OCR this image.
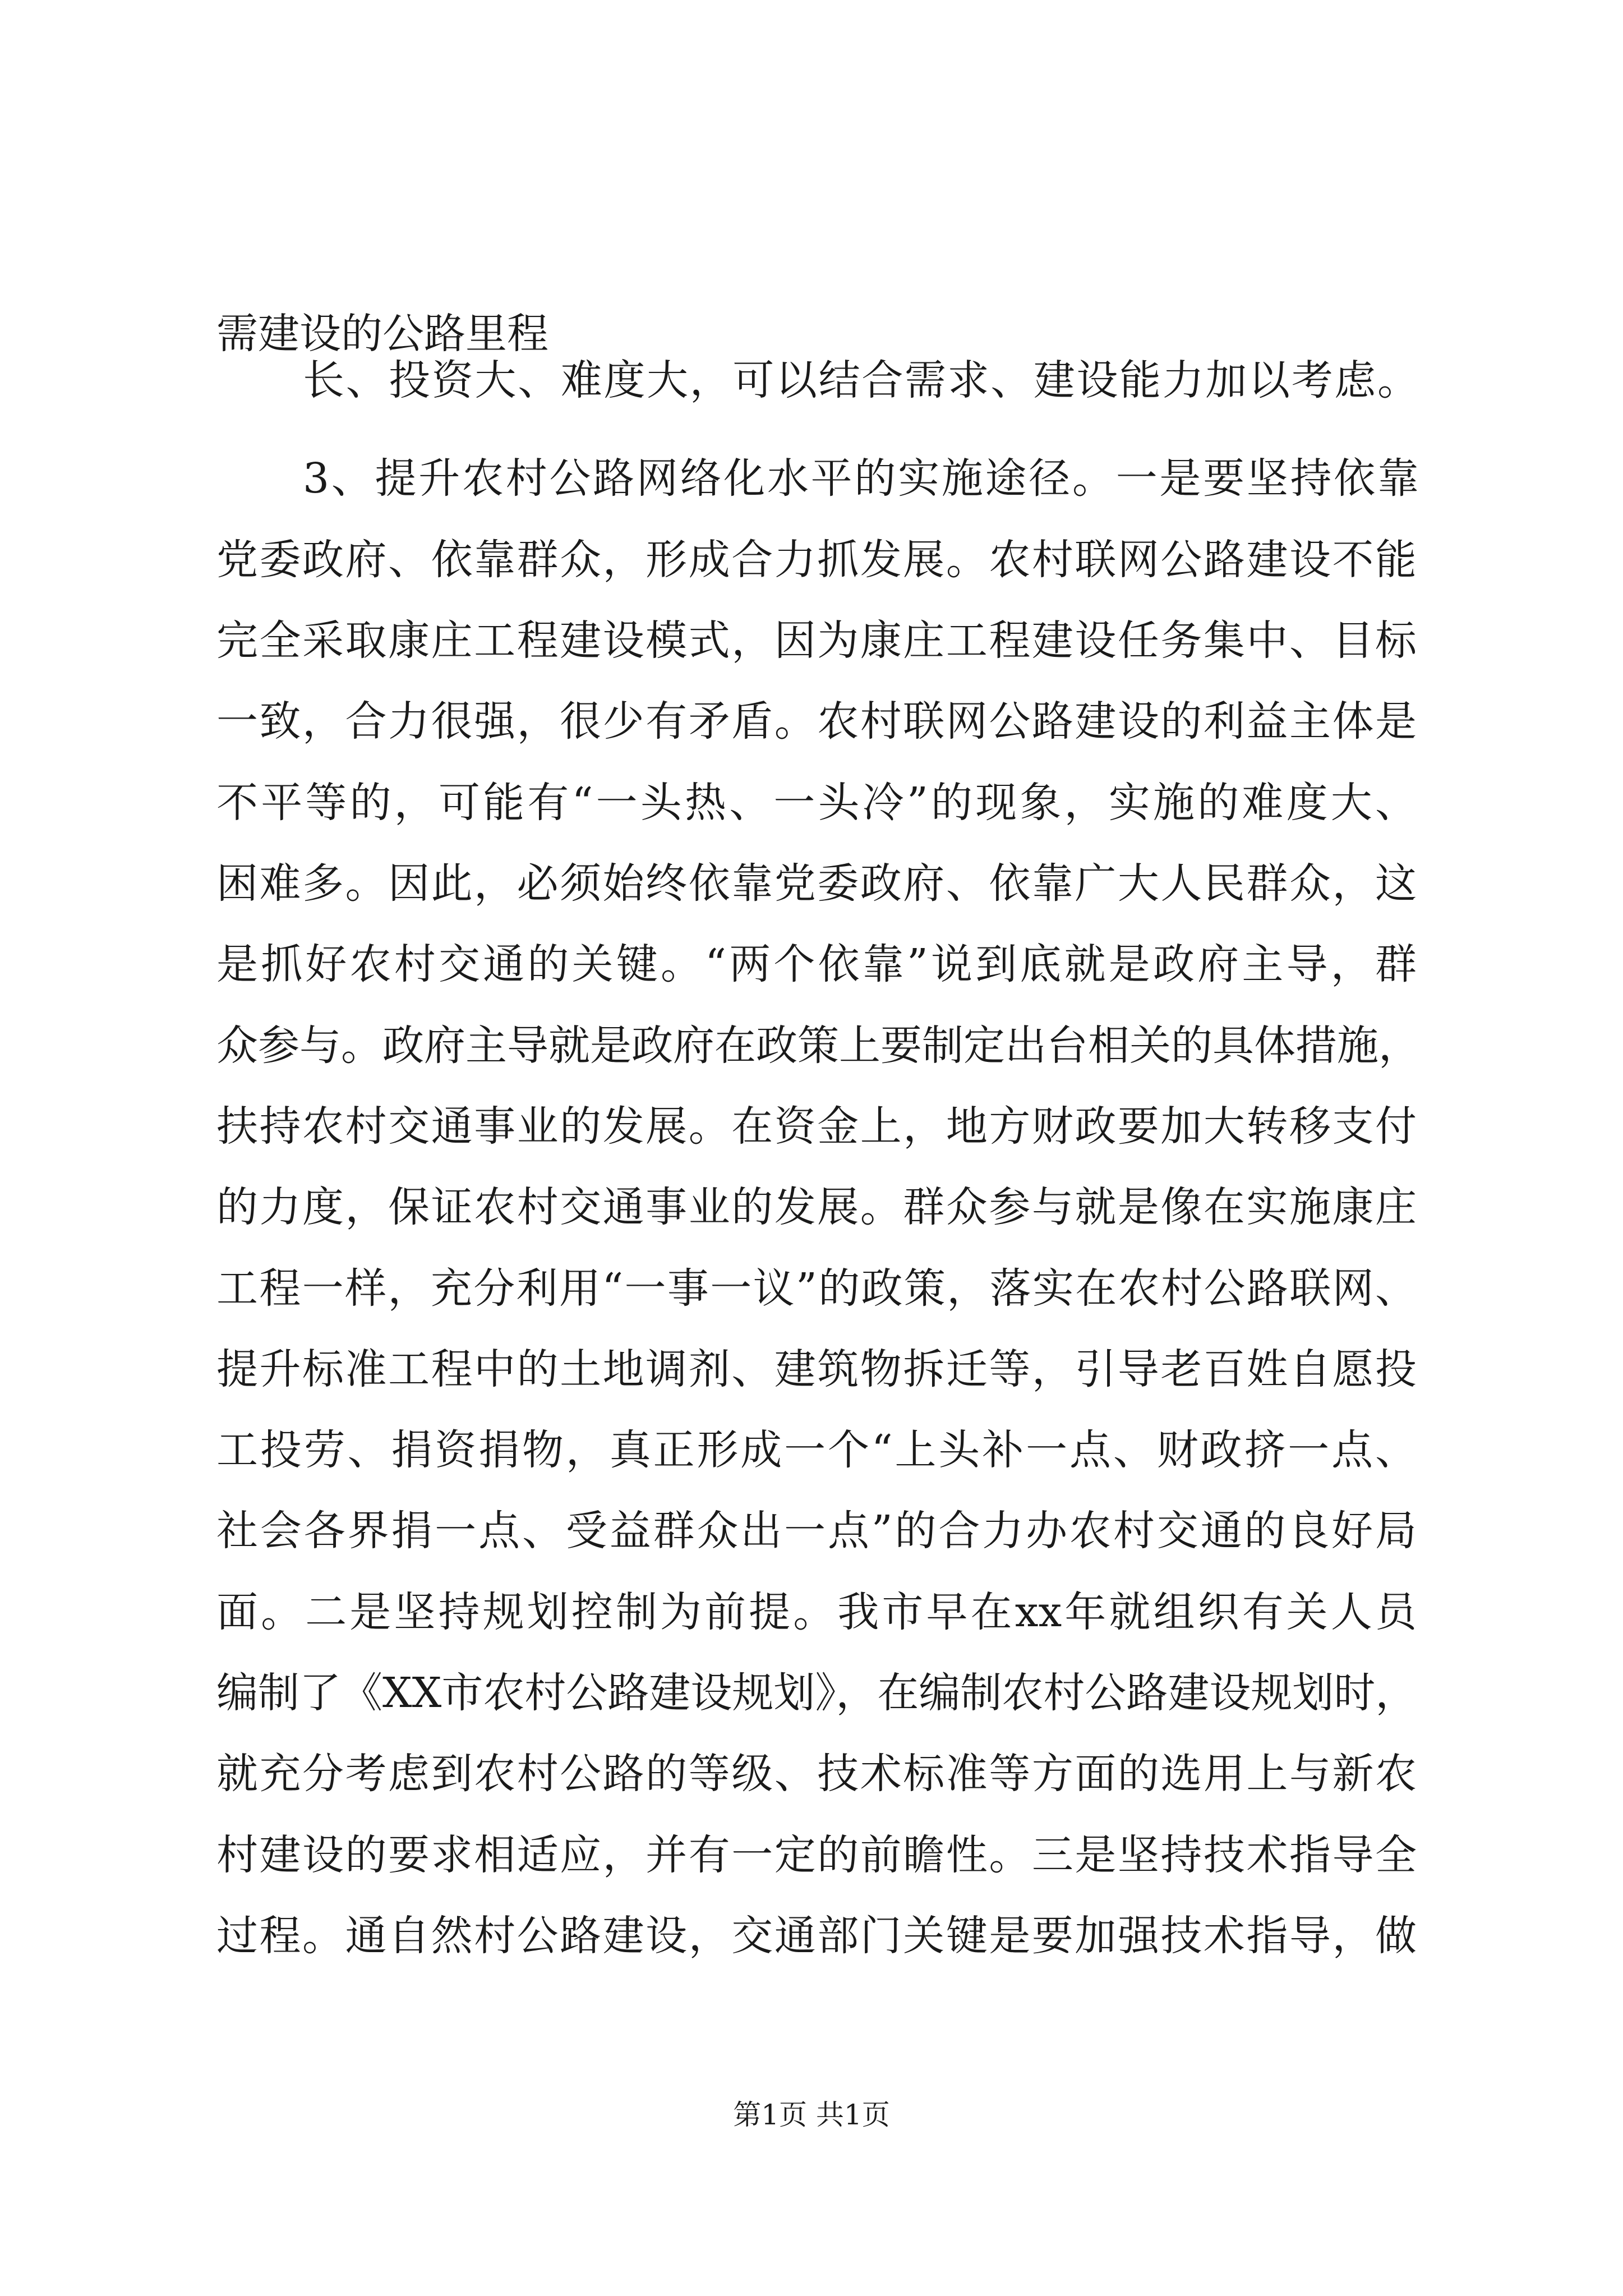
需建设的公路里程

长、投资大、难度大，可以结合需求、建设能力加以考虑。

3、提升农村公路网络化水平的实施途径。一是要坚持依靠

党委政府、依靠群众，形成合力抓发展。农村联网公路建设不能

完全采取康庄工程建设模式，因为康庄工程建设任务集中、目标

一致，合力很强，很少有矛盾。农村联网公路建设的利益主体是

不平等的，可能有“一头热、一头冷”的现象，实施的难度大、

困难多。因此，必须始终依靠党委政府、依靠广大人民群众，这

是抓好农村交通的关键。“两个依靠”说到底就是政府主导，群

众参与。政府主导就是政府在政策上要制定出台相关的具体措施，

扶持农村交通事业的发展。在资金上，地方财政要加大转移支付

的力度，保证农村交通事业的发展。群众参与就是像在实施康庄

工程一样，充分利用“一事一议”的政策，落实在农村公路联网、

提升标准工程中的土地调剂、建筑物拆迁等，引导老百姓自愿投

工投劳、捐资捐物，真正形成一个“上头补一点、财政挤一点、

社会各界捐一点、受益群众出一点”的合力办农村交通的良好局

面。二是坚持规划控制为前提。我市早在xx年就组织有关人员

编制了《XX市农村公路建设规划》，在编制农村公路建设规划时，

就充分考虑到农村公路的等级、技术标准等方面的选用上与新农

村建设的要求相适应，并有一定的前瞻性。三是坚持技术指导全

过程。通自然村公路建设，交通部门关键是要加强技术指导，做

第1页 共1页
